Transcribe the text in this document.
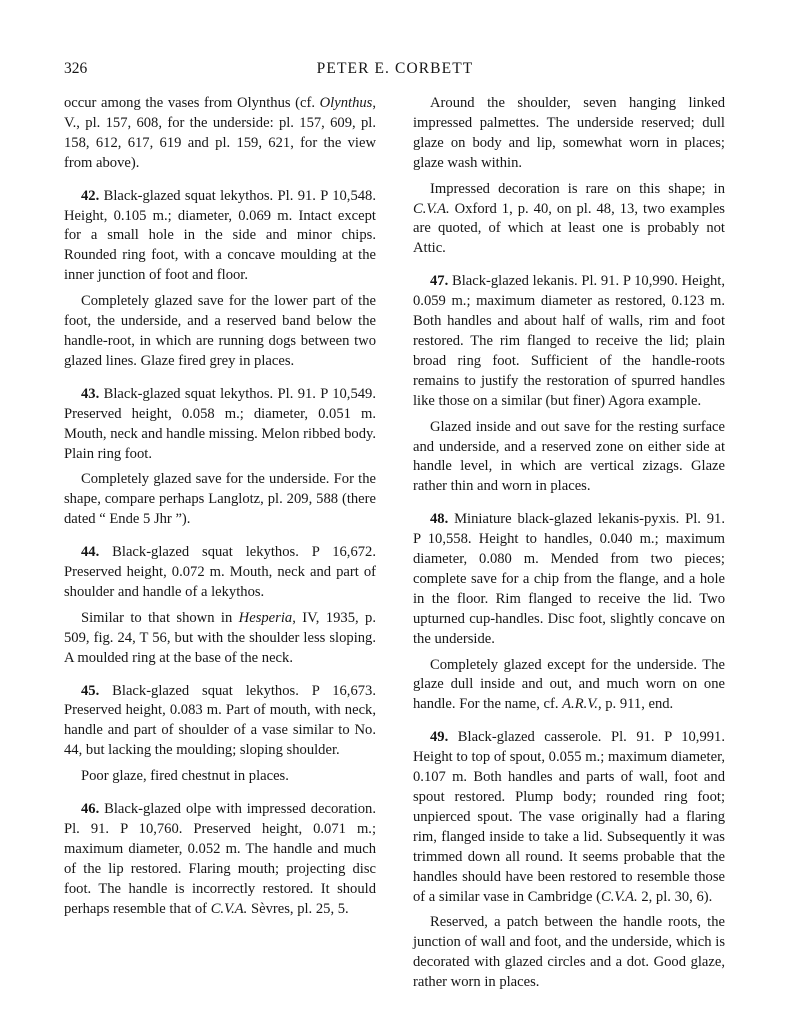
326	PETER E. CORBETT

occur among the vases from Olynthus (cf. Olynthus, V., pl. 157, 608, for the underside: pl. 157, 609, pl. 158, 612, 617, 619 and pl. 159, 621, for the view from above).

42. Black-glazed squat lekythos. Pl. 91. P 10,548. Height, 0.105 m.; diameter, 0.069 m. Intact except for a small hole in the side and minor chips. Rounded ring foot, with a concave moulding at the inner junction of foot and floor.

Completely glazed save for the lower part of the foot, the underside, and a reserved band below the handle-root, in which are running dogs between two glazed lines. Glaze fired grey in places.

43. Black-glazed squat lekythos. Pl. 91. P 10,549. Preserved height, 0.058 m.; diameter, 0.051 m. Mouth, neck and handle missing. Melon ribbed body. Plain ring foot.

Completely glazed save for the underside. For the shape, compare perhaps Langlotz, pl. 209, 588 (there dated “ Ende 5 Jhr ”).

44. Black-glazed squat lekythos. P 16,672. Preserved height, 0.072 m. Mouth, neck and part of shoulder and handle of a lekythos.

Similar to that shown in Hesperia, IV, 1935, p. 509, fig. 24, T 56, but with the shoulder less sloping. A moulded ring at the base of the neck.

45. Black-glazed squat lekythos. P 16,673. Preserved height, 0.083 m. Part of mouth, with neck, handle and part of shoulder of a vase similar to No. 44, but lacking the moulding; sloping shoulder.

Poor glaze, fired chestnut in places.

46. Black-glazed olpe with impressed decoration. Pl. 91. P 10,760. Preserved height, 0.071 m.; maximum diameter, 0.052 m. The handle and much of the lip restored. Flaring mouth; projecting disc foot. The handle is incorrectly restored. It should perhaps resemble that of C.V.A. Sèvres, pl. 25, 5.

Around the shoulder, seven hanging linked impressed palmettes. The underside reserved; dull glaze on body and lip, somewhat worn in places; glaze wash within.

Impressed decoration is rare on this shape; in C.V.A. Oxford 1, p. 40, on pl. 48, 13, two examples are quoted, of which at least one is probably not Attic.

47. Black-glazed lekanis. Pl. 91. P 10,990. Height, 0.059 m.; maximum diameter as restored, 0.123 m. Both handles and about half of walls, rim and foot restored. The rim flanged to receive the lid; plain broad ring foot. Sufficient of the handle-roots remains to justify the restoration of spurred handles like those on a similar (but finer) Agora example.

Glazed inside and out save for the resting surface and underside, and a reserved zone on either side at handle level, in which are vertical zizags. Glaze rather thin and worn in places.

48. Miniature black-glazed lekanis-pyxis. Pl. 91. P 10,558. Height to handles, 0.040 m.; maximum diameter, 0.080 m. Mended from two pieces; complete save for a chip from the flange, and a hole in the floor. Rim flanged to receive the lid. Two upturned cup-handles. Disc foot, slightly concave on the underside.

Completely glazed except for the underside. The glaze dull inside and out, and much worn on one handle. For the name, cf. A.R.V., p. 911, end.

49. Black-glazed casserole. Pl. 91. P 10,991. Height to top of spout, 0.055 m.; maximum diameter, 0.107 m. Both handles and parts of wall, foot and spout restored. Plump body; rounded ring foot; unpierced spout. The vase originally had a flaring rim, flanged inside to take a lid. Subsequently it was trimmed down all round. It seems probable that the handles should have been restored to resemble those of a similar vase in Cambridge (C.V.A. 2, pl. 30, 6).

Reserved, a patch between the handle roots, the junction of wall and foot, and the underside, which is decorated with glazed circles and a dot. Good glaze, rather worn in places.
